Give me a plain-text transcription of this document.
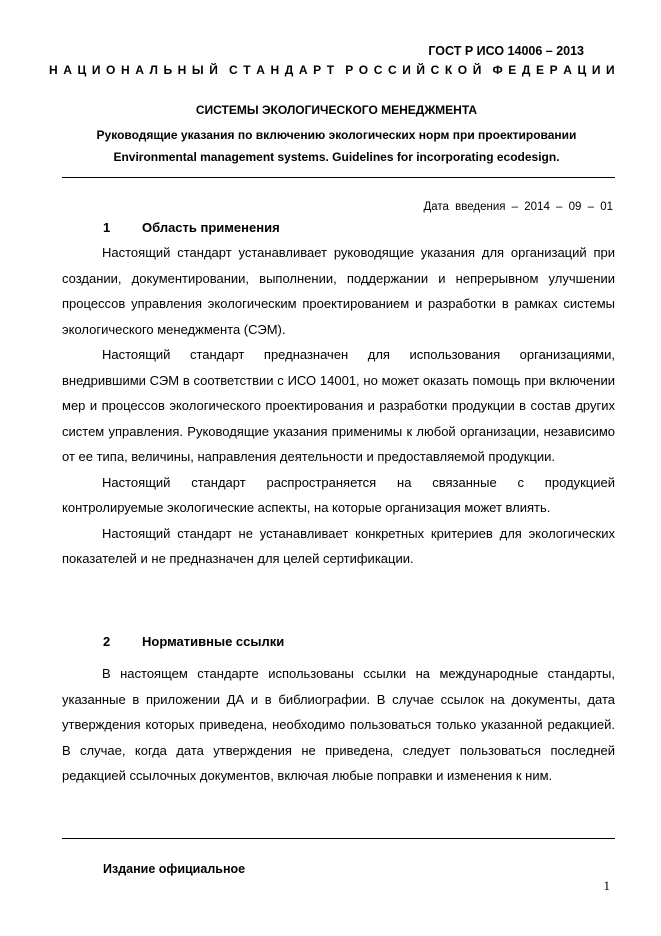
ГОСТ Р ИСО 14006 – 2013
Н А Ц И О Н А Л Ь Н Ы Й С Т А Н Д А Р Т Р О С С И Й С К О Й Ф Е Д Е Р А Ц И И
СИСТЕМЫ ЭКОЛОГИЧЕСКОГО МЕНЕДЖМЕНТА
Руководящие указания по включению экологических норм при проектировании
Environmental management systems. Guidelines for incorporating ecodesign.
Дата введения – 2014 – 09 – 01
1 Область применения

Настоящий стандарт устанавливает руководящие указания для организаций при создании, документировании, выполнении, поддержании и непрерывном улучшении процессов управления экологическим проектированием и разработки в рамках системы экологического менеджмента (СЭМ).

Настоящий стандарт предназначен для использования организациями, внедрившими СЭМ в соответствии с ИСО 14001, но может оказать помощь при включении мер и процессов экологического проектирования и разработки продукции в состав других систем управления. Руководящие указания применимы к любой организации, независимо от ее типа, величины, направления деятельности и предоставляемой продукции.

Настоящий стандарт распространяется на связанные с продукцией контролируемые экологические аспекты, на которые организация может влиять.

Настоящий стандарт не устанавливает конкретных критериев для экологических показателей и не предназначен для целей сертификации.

2 Нормативные ссылки

В настоящем стандарте использованы ссылки на международные стандарты, указанные в приложении ДА и в библиографии. В случае ссылок на документы, дата утверждения которых приведена, необходимо пользоваться только указанной редакцией. В случае, когда дата утверждения не приведена, следует пользоваться последней редакцией ссылочных документов, включая любые поправки и изменения к ним.

Издание официальное
1
